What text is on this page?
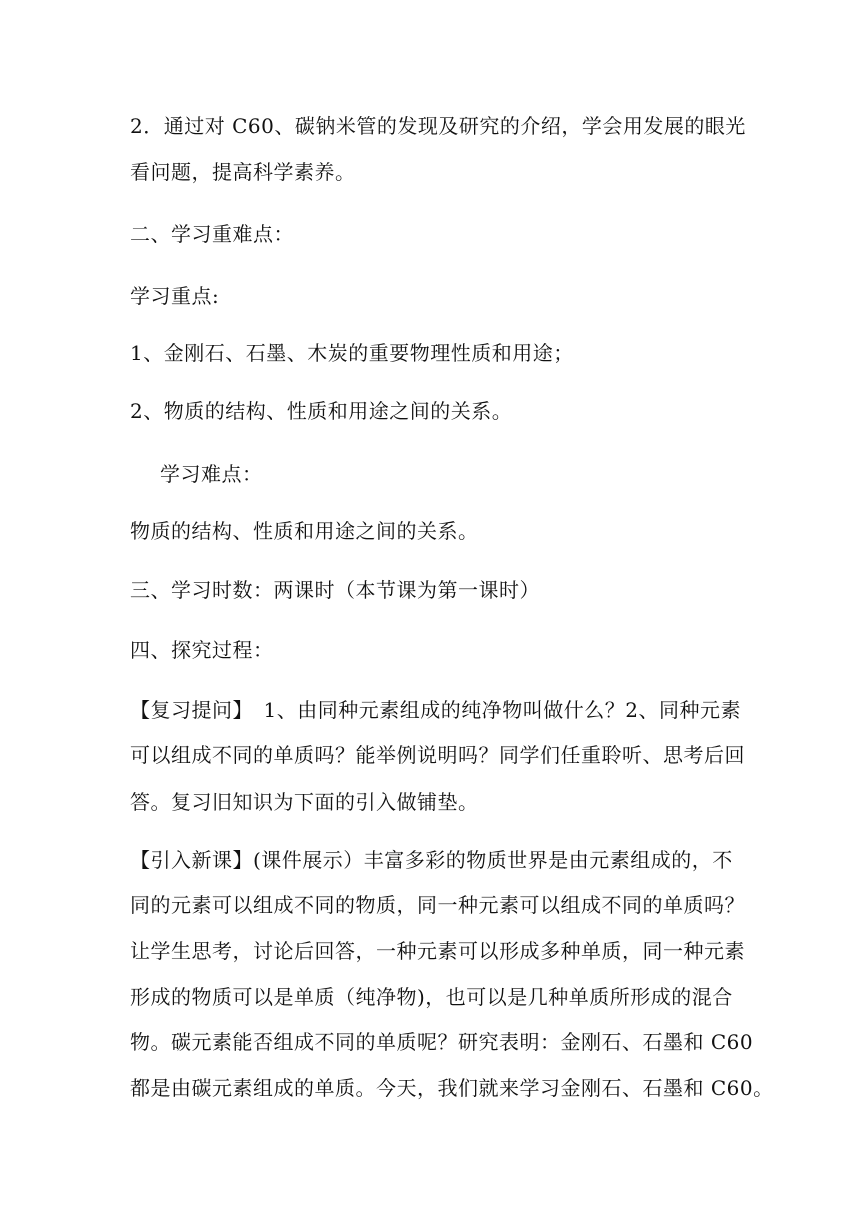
2．通过对 C60、碳钠米管的发现及研究的介绍，学会用发展的眼光
看问题，提高科学素养。
二、学习重难点：
学习重点:
1、金刚石、石墨、木炭的重要物理性质和用途；
2、物质的结构、性质和用途之间的关系。
学习难点：
物质的结构、性质和用途之间的关系。
三、学习时数：两课时（本节课为第一课时）
四、探究过程：
【复习提问】　1、由同种元素组成的纯净物叫做什么？2、同种元素
可以组成不同的单质吗？能举例说明吗？同学们任重聆听、思考后回
答。复习旧知识为下面的引入做铺垫。
【引入新课】(课件展示）丰富多彩的物质世界是由元素组成的，不
同的元素可以组成不同的物质，同一种元素可以组成不同的单质吗？
让学生思考，讨论后回答，一种元素可以形成多种单质，同一种元素
形成的物质可以是单质（纯净物)，也可以是几种单质所形成的混合
物。碳元素能否组成不同的单质呢？研究表明：金刚石、石墨和 C60
都是由碳元素组成的单质。今天，我们就来学习金刚石、石墨和 C60。
